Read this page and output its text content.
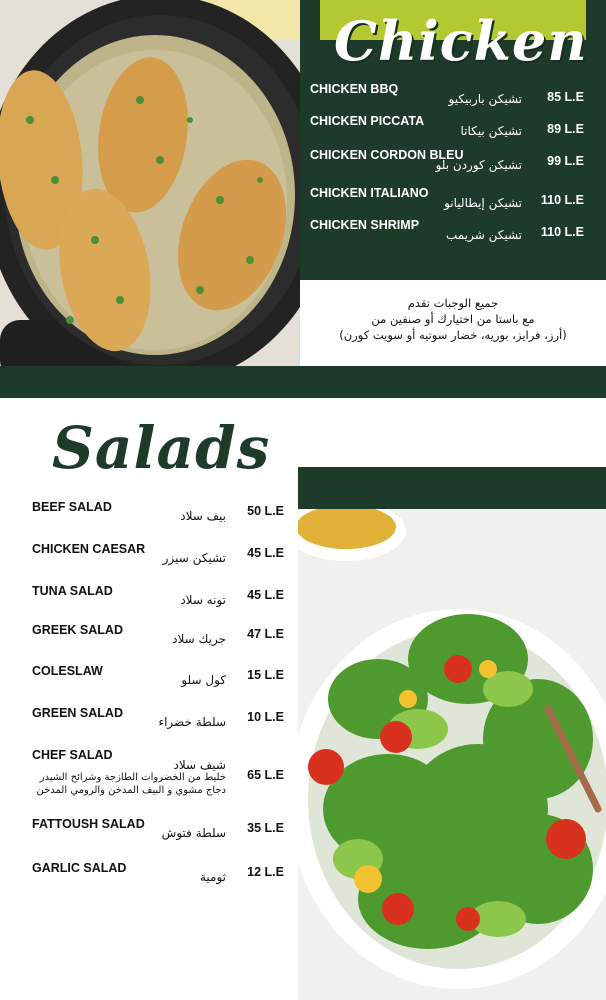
Chicken
CHICKEN BBQ
تشيكن باربيكيو 85 L.E
CHICKEN PICCATA
تشيكن بيكاتا 89 L.E
CHICKEN CORDON BLEU
تشيكن كوردن بلو 99 L.E
CHICKEN ITALIANO
تشيكن إيطاليانو 110 L.E
CHICKEN SHRIMP
تشيكن شريمب 110 L.E
جميع الوجبات تقدم
مع باستا من اختيارك أو صنفين من
(أرز، فرايز، بوريه، خضار سوتيه أو سويت كورن)
Salads
BEEF SALAD
بيف سلاد 50 L.E
CHICKEN CAESAR
تشيكن سيزر 45 L.E
TUNA SALAD
تونه سلاد 45 L.E
GREEK SALAD
جريك سلاد 47 L.E
COLESLAW
كول سلو 15 L.E
GREEN SALAD
سلطة خضراء 10 L.E
CHEF SALAD
شيف سلاد
65 L.E
خليط من الخضروات الطازجة وشرائح الشيدر
دجاج مشوي و البيف المدخن والرومي المدخن
FATTOUSH SALAD
سلطة فتوش 35 L.E
GARLIC SALAD
ثومية 12 L.E
